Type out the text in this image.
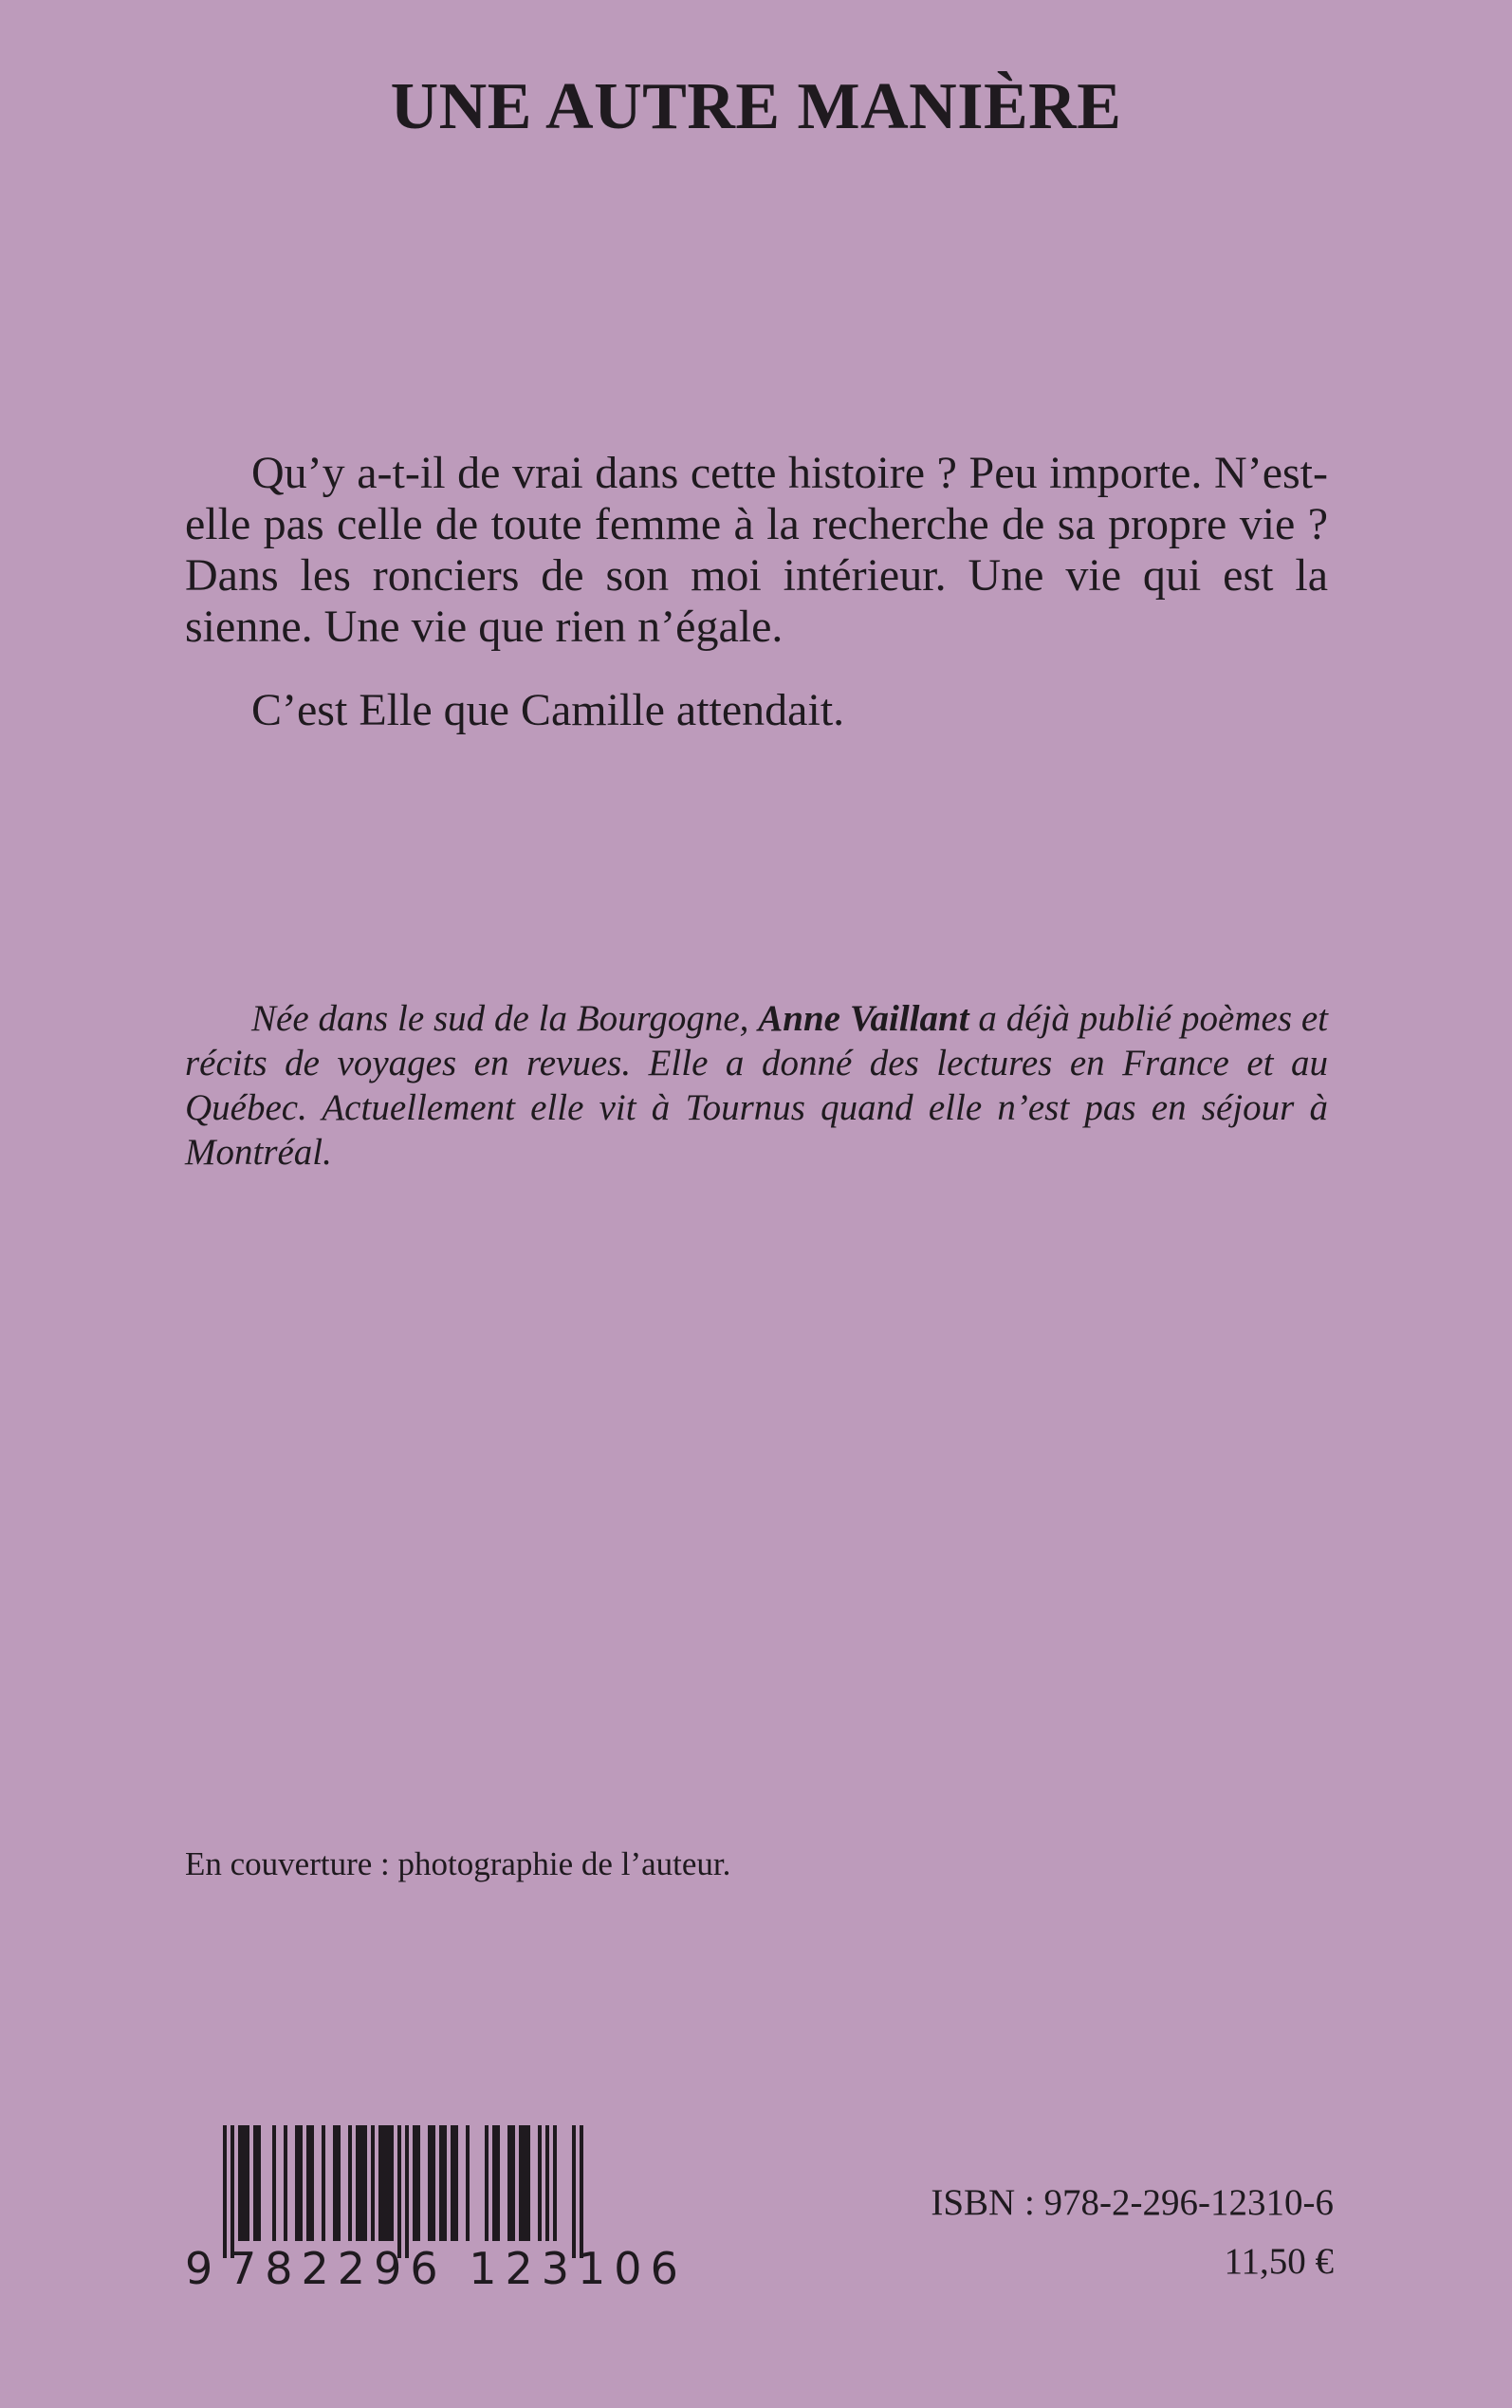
UNE AUTRE MANIÈRE

Qu’y a-t-il de vrai dans cette histoire ? Peu importe. N’est-elle pas celle de toute femme à la recherche de sa propre vie ? Dans les ronciers de son moi intérieur. Une vie qui est la sienne. Une vie que rien n’égale.

C’est Elle que Camille attendait.

Née dans le sud de la Bourgogne, Anne Vaillant a déjà publié poèmes et récits de voyages en revues. Elle a donné des lectures en France et au Québec. Actuellement elle vit à Tournus quand elle n’est pas en séjour à Montréal.

En couverture : photographie de l’auteur.

9 782296 123106

ISBN : 978-2-296-12310-6

11,50 €
